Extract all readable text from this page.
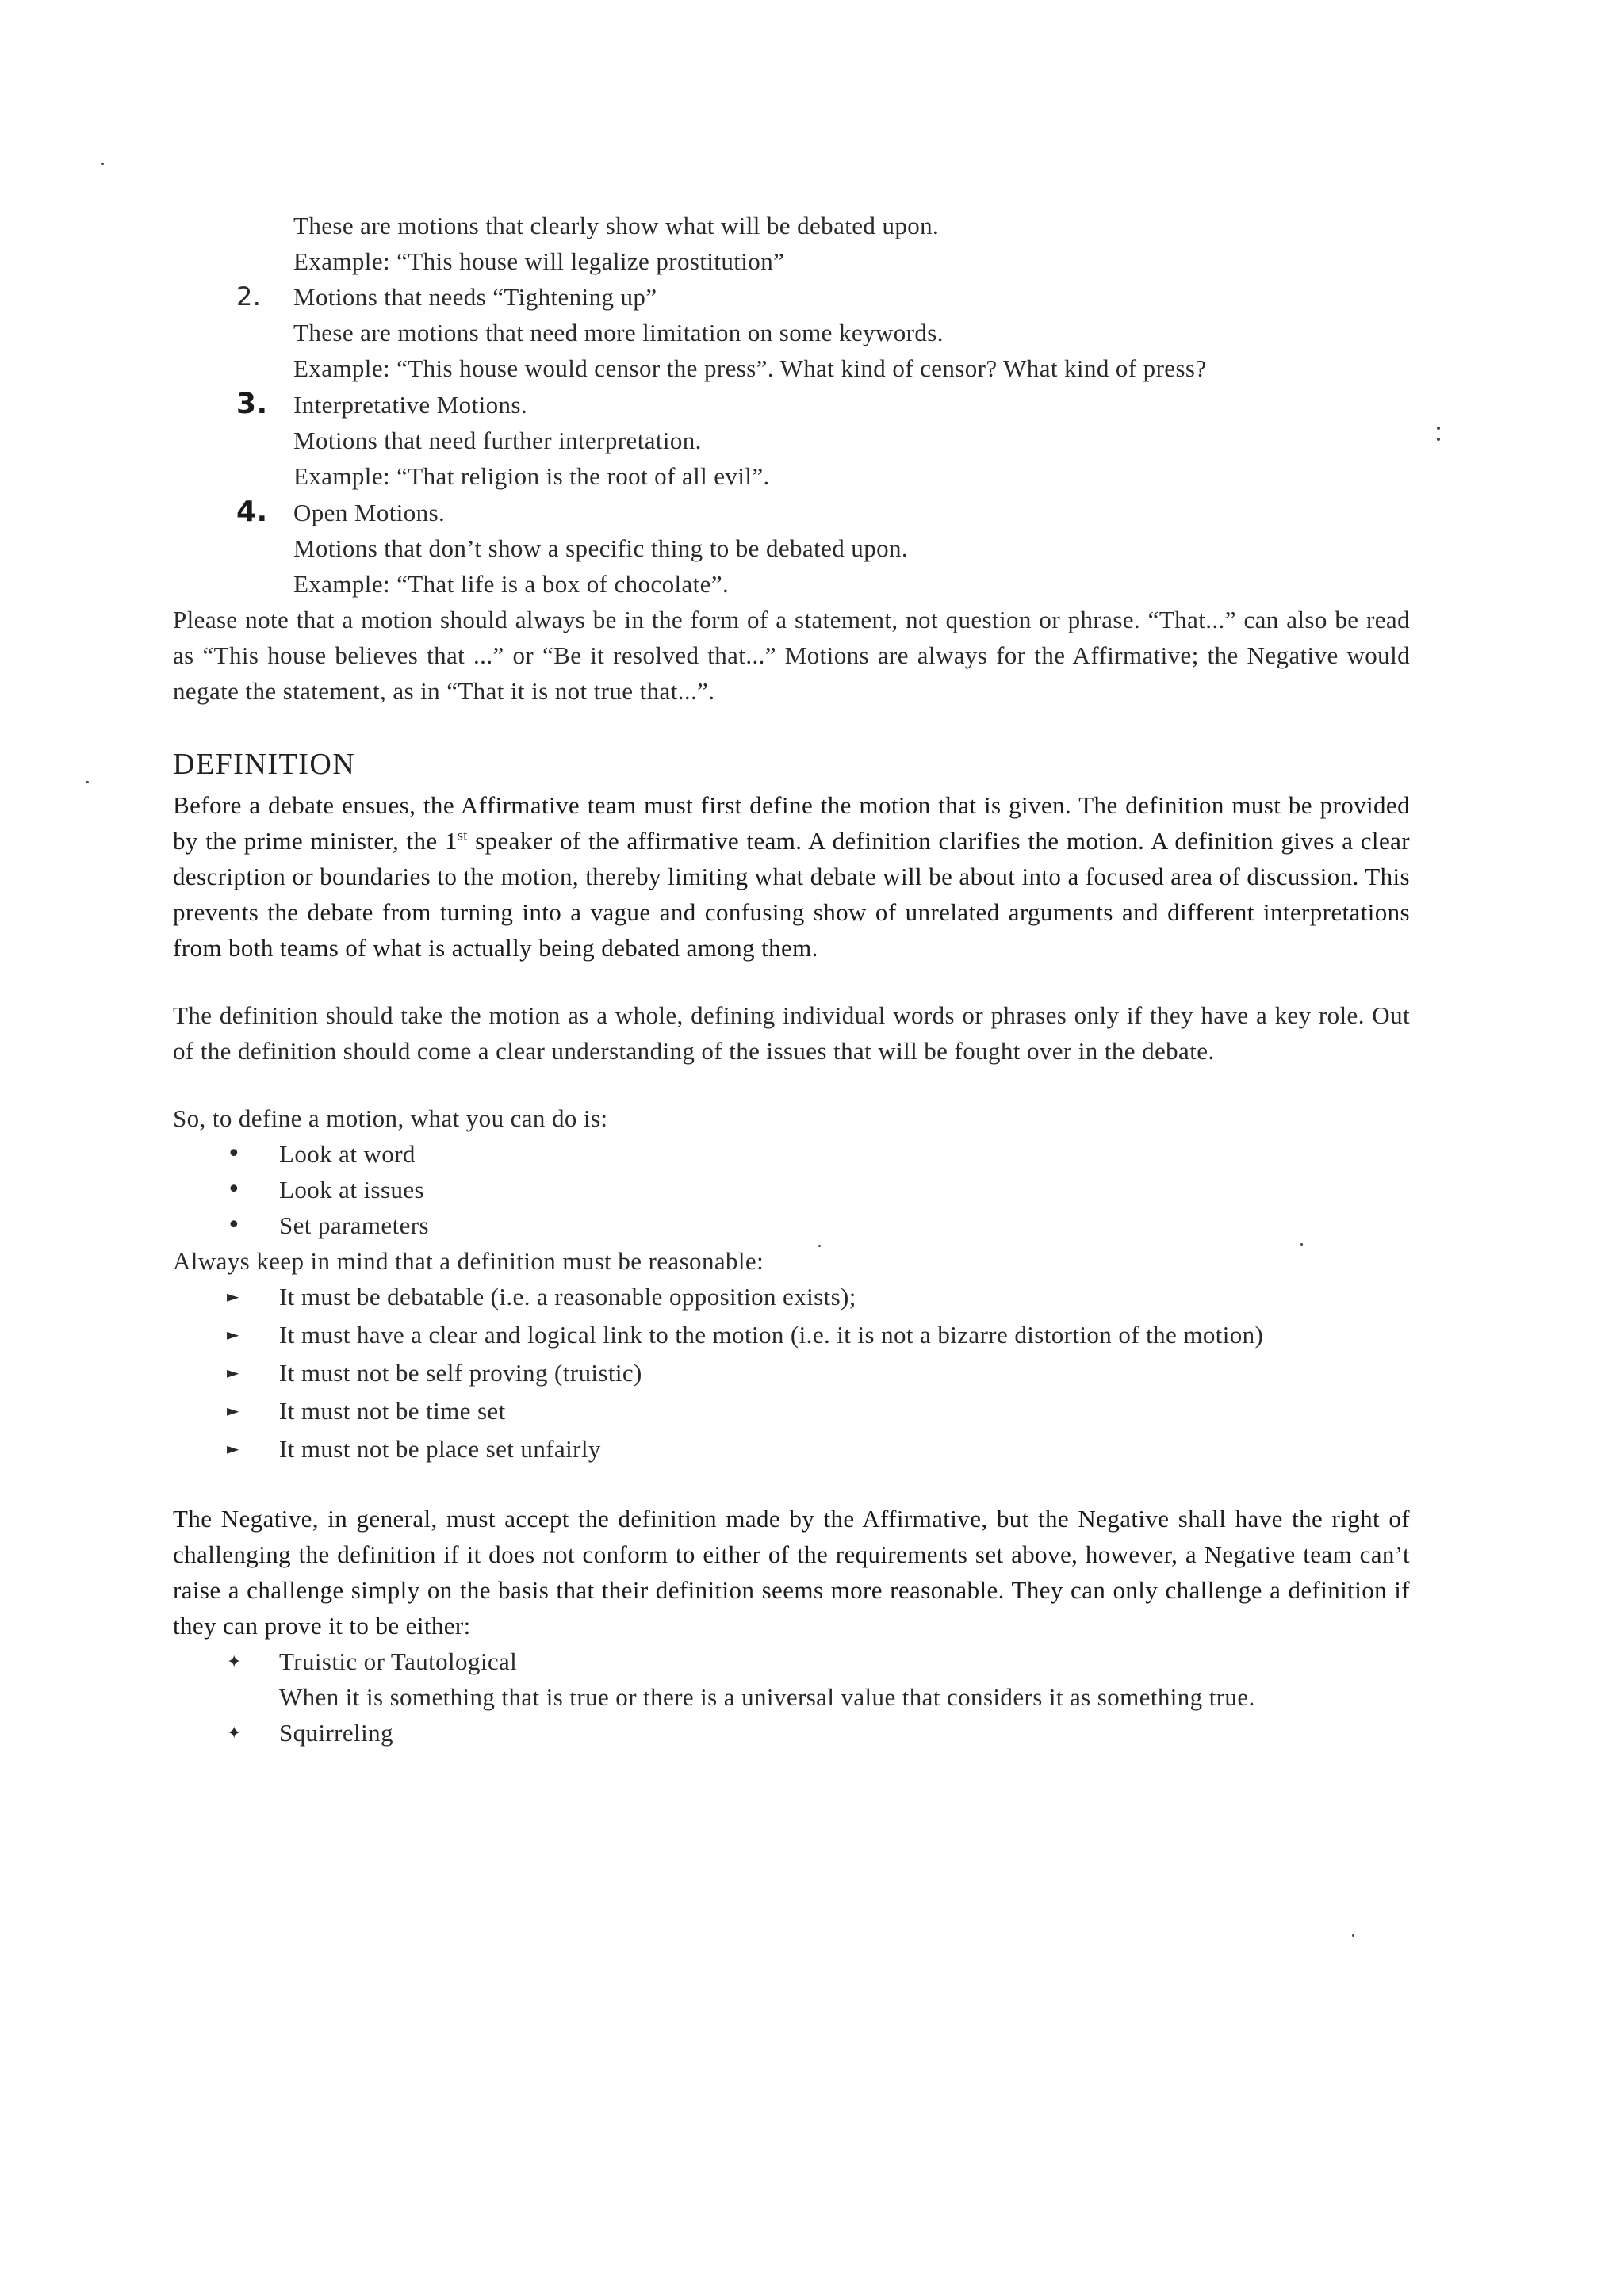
These are motions that clearly show what will be debated upon.
Example: “This house will legalize prostitution”
2.	Motions that needs “Tightening up”
These are motions that need more limitation on some keywords.
Example: “This house would censor the press”. What kind of censor? What kind of press?
3.	Interpretative Motions.
Motions that need further interpretation.
Example: “That religion is the root of all evil”.
4.	Open Motions.
Motions that don’t show a specific thing to be debated upon.
Example: “That life is a box of chocolate”.

Please note that a motion should always be in the form of a statement, not question or phrase. “That...” can also be read as “This house believes that ...” or “Be it resolved that...” Motions are always for the Affirmative; the Negative would negate the statement, as in “That it is not true that...”.

DEFINITION

Before a debate ensues, the Affirmative team must first define the motion that is given. The definition must be provided by the prime minister, the 1st speaker of the affirmative team. A definition clarifies the motion. A definition gives a clear description or boundaries to the motion, thereby limiting what debate will be about into a focused area of discussion. This prevents the debate from turning into a vague and confusing show of unrelated arguments and different interpretations from both teams of what is actually being debated among them.

The definition should take the motion as a whole, defining individual words or phrases only if they have a key role. Out of the definition should come a clear understanding of the issues that will be fought over in the debate.

So, to define a motion, what you can do is:
•
Look at word
•
Look at issues
•
Set parameters
Always keep in mind that a definition must be reasonable:
►
It must be debatable (i.e. a reasonable opposition exists);
►
It must have a clear and logical link to the motion (i.e. it is not a bizarre distortion of the motion)
►
It must not be self proving (truistic)
►
It must not be time set
►
It must not be place set unfairly

The Negative, in general, must accept the definition made by the Affirmative, but the Negative shall have the right of challenging the definition if it does not conform to either of the requirements set above, however, a Negative team can’t raise a challenge simply on the basis that their definition seems more reasonable. They can only challenge a definition if they can prove it to be either:

✦
Truistic or Tautological
When it is something that is true or there is a universal value that considers it as something true.
✦
Squirreling
